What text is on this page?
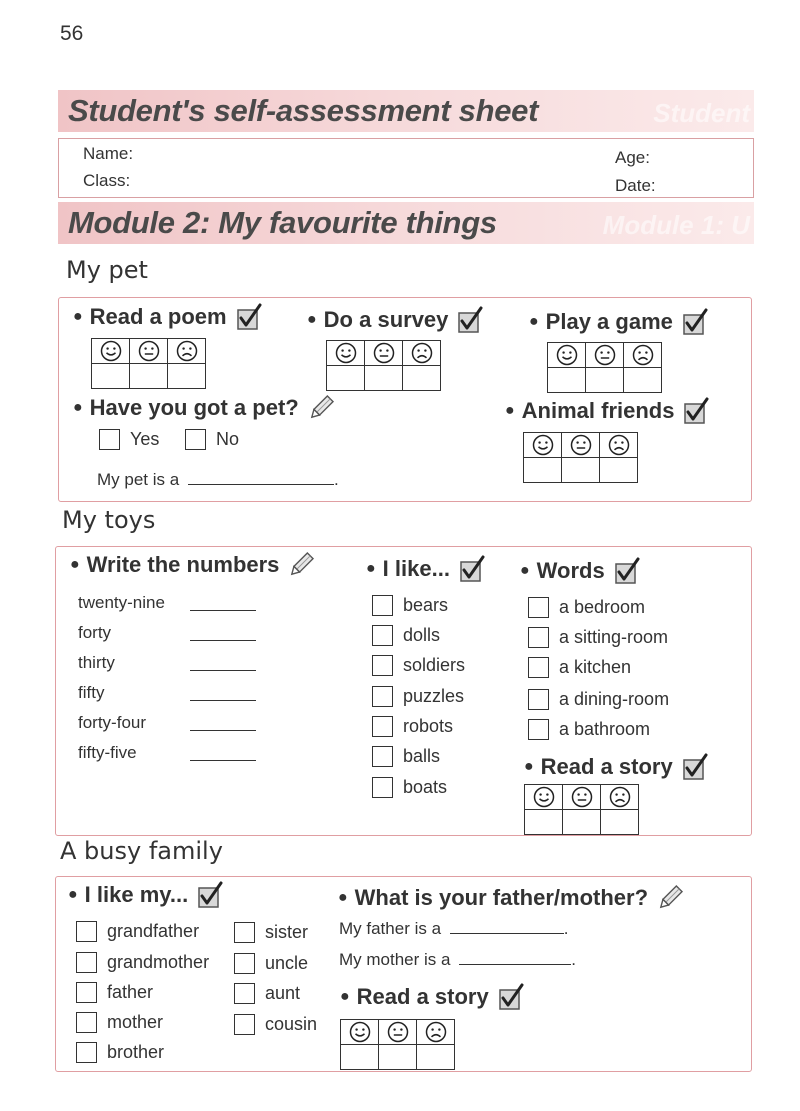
56
Student
Student's self-assessment sheet
Name:
Class:
Age:
Date:
Module 1: U
Module 2: My favourite things
My pet
● Read a poem

			● Do a survey

			● Play a game

● Have you got a pet?
Yes	No
My pet is a	.
● Animal friends

My toys
● Write the numbers
twenty-nine
forty
thirty
fifty
forty-four
fifty-five
● I like...
bears
dolls
soldiers
puzzles
robots
balls
boats
● Words
a bedroom
a sitting-room
a kitchen
a dining-room
a bathroom
● Read a story

A busy family
● I like my...
grandfather
grandmother
father
mother
brother
sister
uncle
aunt
cousin
● What is your father/mother?
My father is a	.
My mother is a	.
● Read a story
